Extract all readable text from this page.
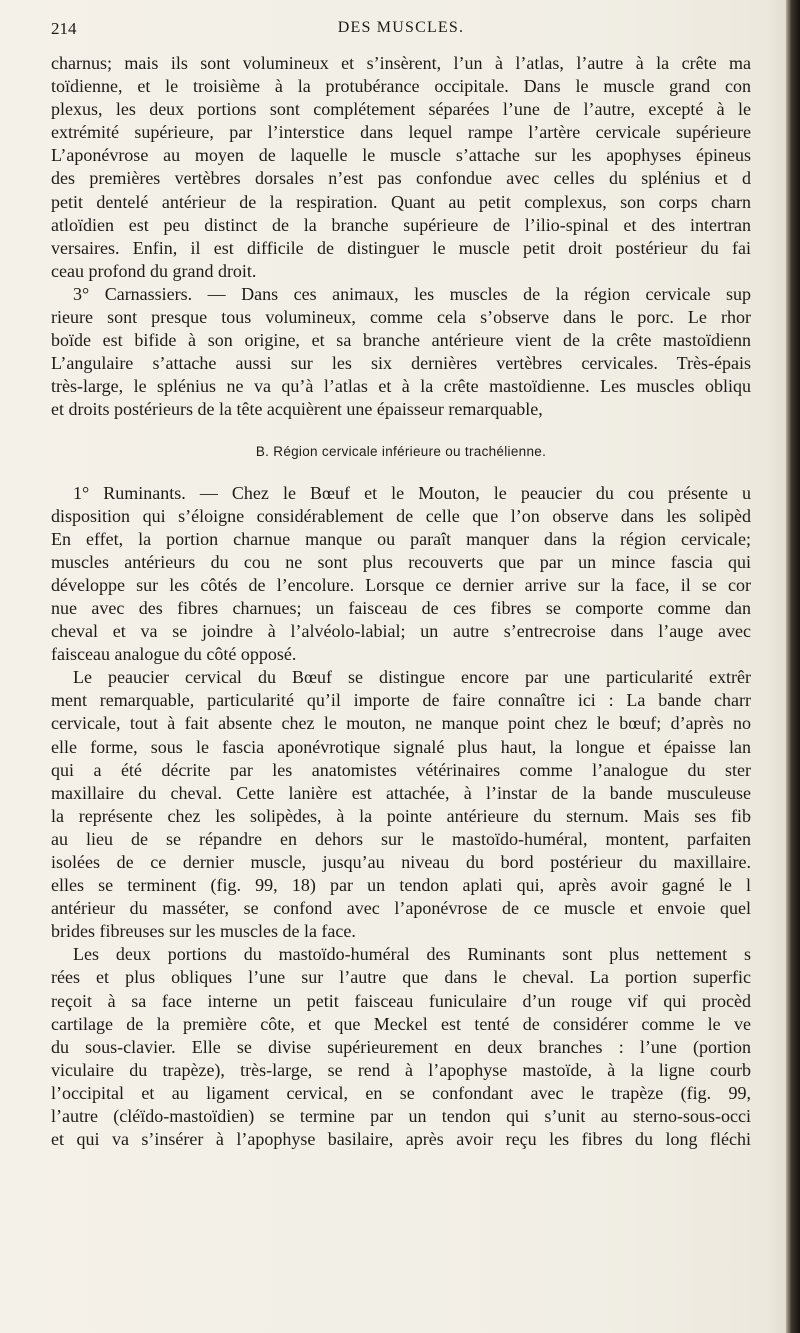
214	DES MUSCLES.
charnus; mais ils sont volumineux et s’insèrent, l’un à l’atlas, l’autre à la crête ma
toïdienne, et le troisième à la protubérance occipitale. Dans le muscle grand con
plexus, les deux portions sont complétement séparées l’une de l’autre, excepté à le
extrémité supérieure, par l’interstice dans lequel rampe l’artère cervicale supérieure
L’aponévrose au moyen de laquelle le muscle s’attache sur les apophyses épineus
des premières vertèbres dorsales n’est pas confondue avec celles du splénius et d
petit dentelé antérieur de la respiration. Quant au petit complexus, son corps charn
atloïdien est peu distinct de la branche supérieure de l’ilio-spinal et des intertran
versaires. Enfin, il est difficile de distinguer le muscle petit droit postérieur du fai
ceau profond du grand droit.
3° Carnassiers. — Dans ces animaux, les muscles de la région cervicale sup
rieure sont presque tous volumineux, comme cela s’observe dans le porc. Le rhor
boïde est bifide à son origine, et sa branche antérieure vient de la crête mastoïdienn
L’angulaire s’attache aussi sur les six dernières vertèbres cervicales. Très-épais
très-large, le splénius ne va qu’à l’atlas et à la crête mastoïdienne. Les muscles obliqu
et droits postérieurs de la tête acquièrent une épaisseur remarquable,
B. Région cervicale inférieure ou trachélienne.
1° Ruminants. — Chez le Bœuf et le Mouton, le peaucier du cou présente u
disposition qui s’éloigne considérablement de celle que l’on observe dans les solipèd
En effet, la portion charnue manque ou paraît manquer dans la région cervicale;
muscles antérieurs du cou ne sont plus recouverts que par un mince fascia qui
développe sur les côtés de l’encolure. Lorsque ce dernier arrive sur la face, il se cor
nue avec des fibres charnues; un faisceau de ces fibres se comporte comme dan
cheval et va se joindre à l’alvéolo-labial; un autre s’entrecroise dans l’auge avec
faisceau analogue du côté opposé.
Le peaucier cervical du Bœuf se distingue encore par une particularité extrêr
ment remarquable, particularité qu’il importe de faire connaître ici : La bande charr
cervicale, tout à fait absente chez le mouton, ne manque point chez le bœuf; d’après no
elle forme, sous le fascia aponévrotique signalé plus haut, la longue et épaisse lan
qui a été décrite par les anatomistes vétérinaires comme l’analogue du ster
maxillaire du cheval. Cette lanière est attachée, à l’instar de la bande musculeuse
la représente chez les solipèdes, à la pointe antérieure du sternum. Mais ses fib
au lieu de se répandre en dehors sur le mastoïdo-huméral, montent, parfaiten
isolées de ce dernier muscle, jusqu’au niveau du bord postérieur du maxillaire.
elles se terminent (fig. 99, 18) par un tendon aplati qui, après avoir gagné le l
antérieur du masséter, se confond avec l’aponévrose de ce muscle et envoie quel
brides fibreuses sur les muscles de la face.
Les deux portions du mastoïdo-huméral des Ruminants sont plus nettement s
rées et plus obliques l’une sur l’autre que dans le cheval. La portion superfic
reçoit à sa face interne un petit faisceau funiculaire d’un rouge vif qui procèd
cartilage de la première côte, et que Meckel est tenté de considérer comme le ve
du sous-clavier. Elle se divise supérieurement en deux branches : l’une (portion
viculaire du trapèze), très-large, se rend à l’apophyse mastoïde, à la ligne courb
l’occipital et au ligament cervical, en se confondant avec le trapèze (fig. 99,
l’autre (cléïdo-mastoïdien) se termine par un tendon qui s’unit au sterno-sous-occi
et qui va s’insérer à l’apophyse basilaire, après avoir reçu les fibres du long fléchi
